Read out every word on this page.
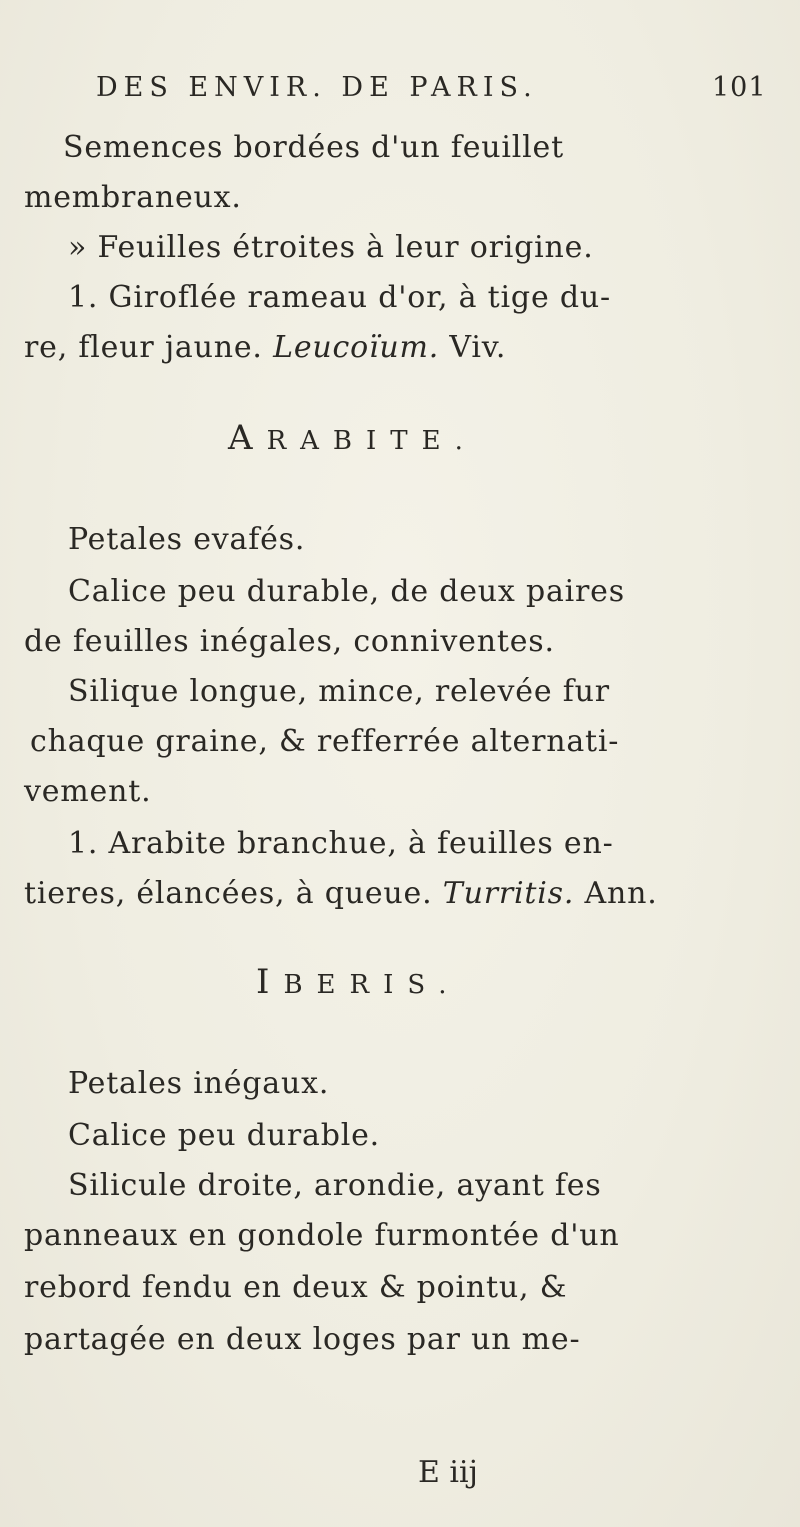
DES ENVIR. DE PARIS.	101
Semences bordées d'un feuillet
membraneux.
» Feuilles étroites à leur origine.
1. Giroflée rameau d'or, à tige du-
re, fleur jaune. Leucoïum. Viv.
ARABITE.
Petales evafés.
Calice peu durable, de deux paires
de feuilles inégales, conniventes.
Silique longue, mince, relevée fur
chaque graine, & refferrée alternati-
vement.
1. Arabite branchue, à feuilles en-
tieres, élancées, à queue. Turritis. Ann.
IBERIS.
Petales inégaux.
Calice peu durable.
Silicule droite, arondie, ayant fes
panneaux en gondole furmontée d'un
rebord fendu en deux & pointu, &
partagée en deux loges par un me-
E iij
